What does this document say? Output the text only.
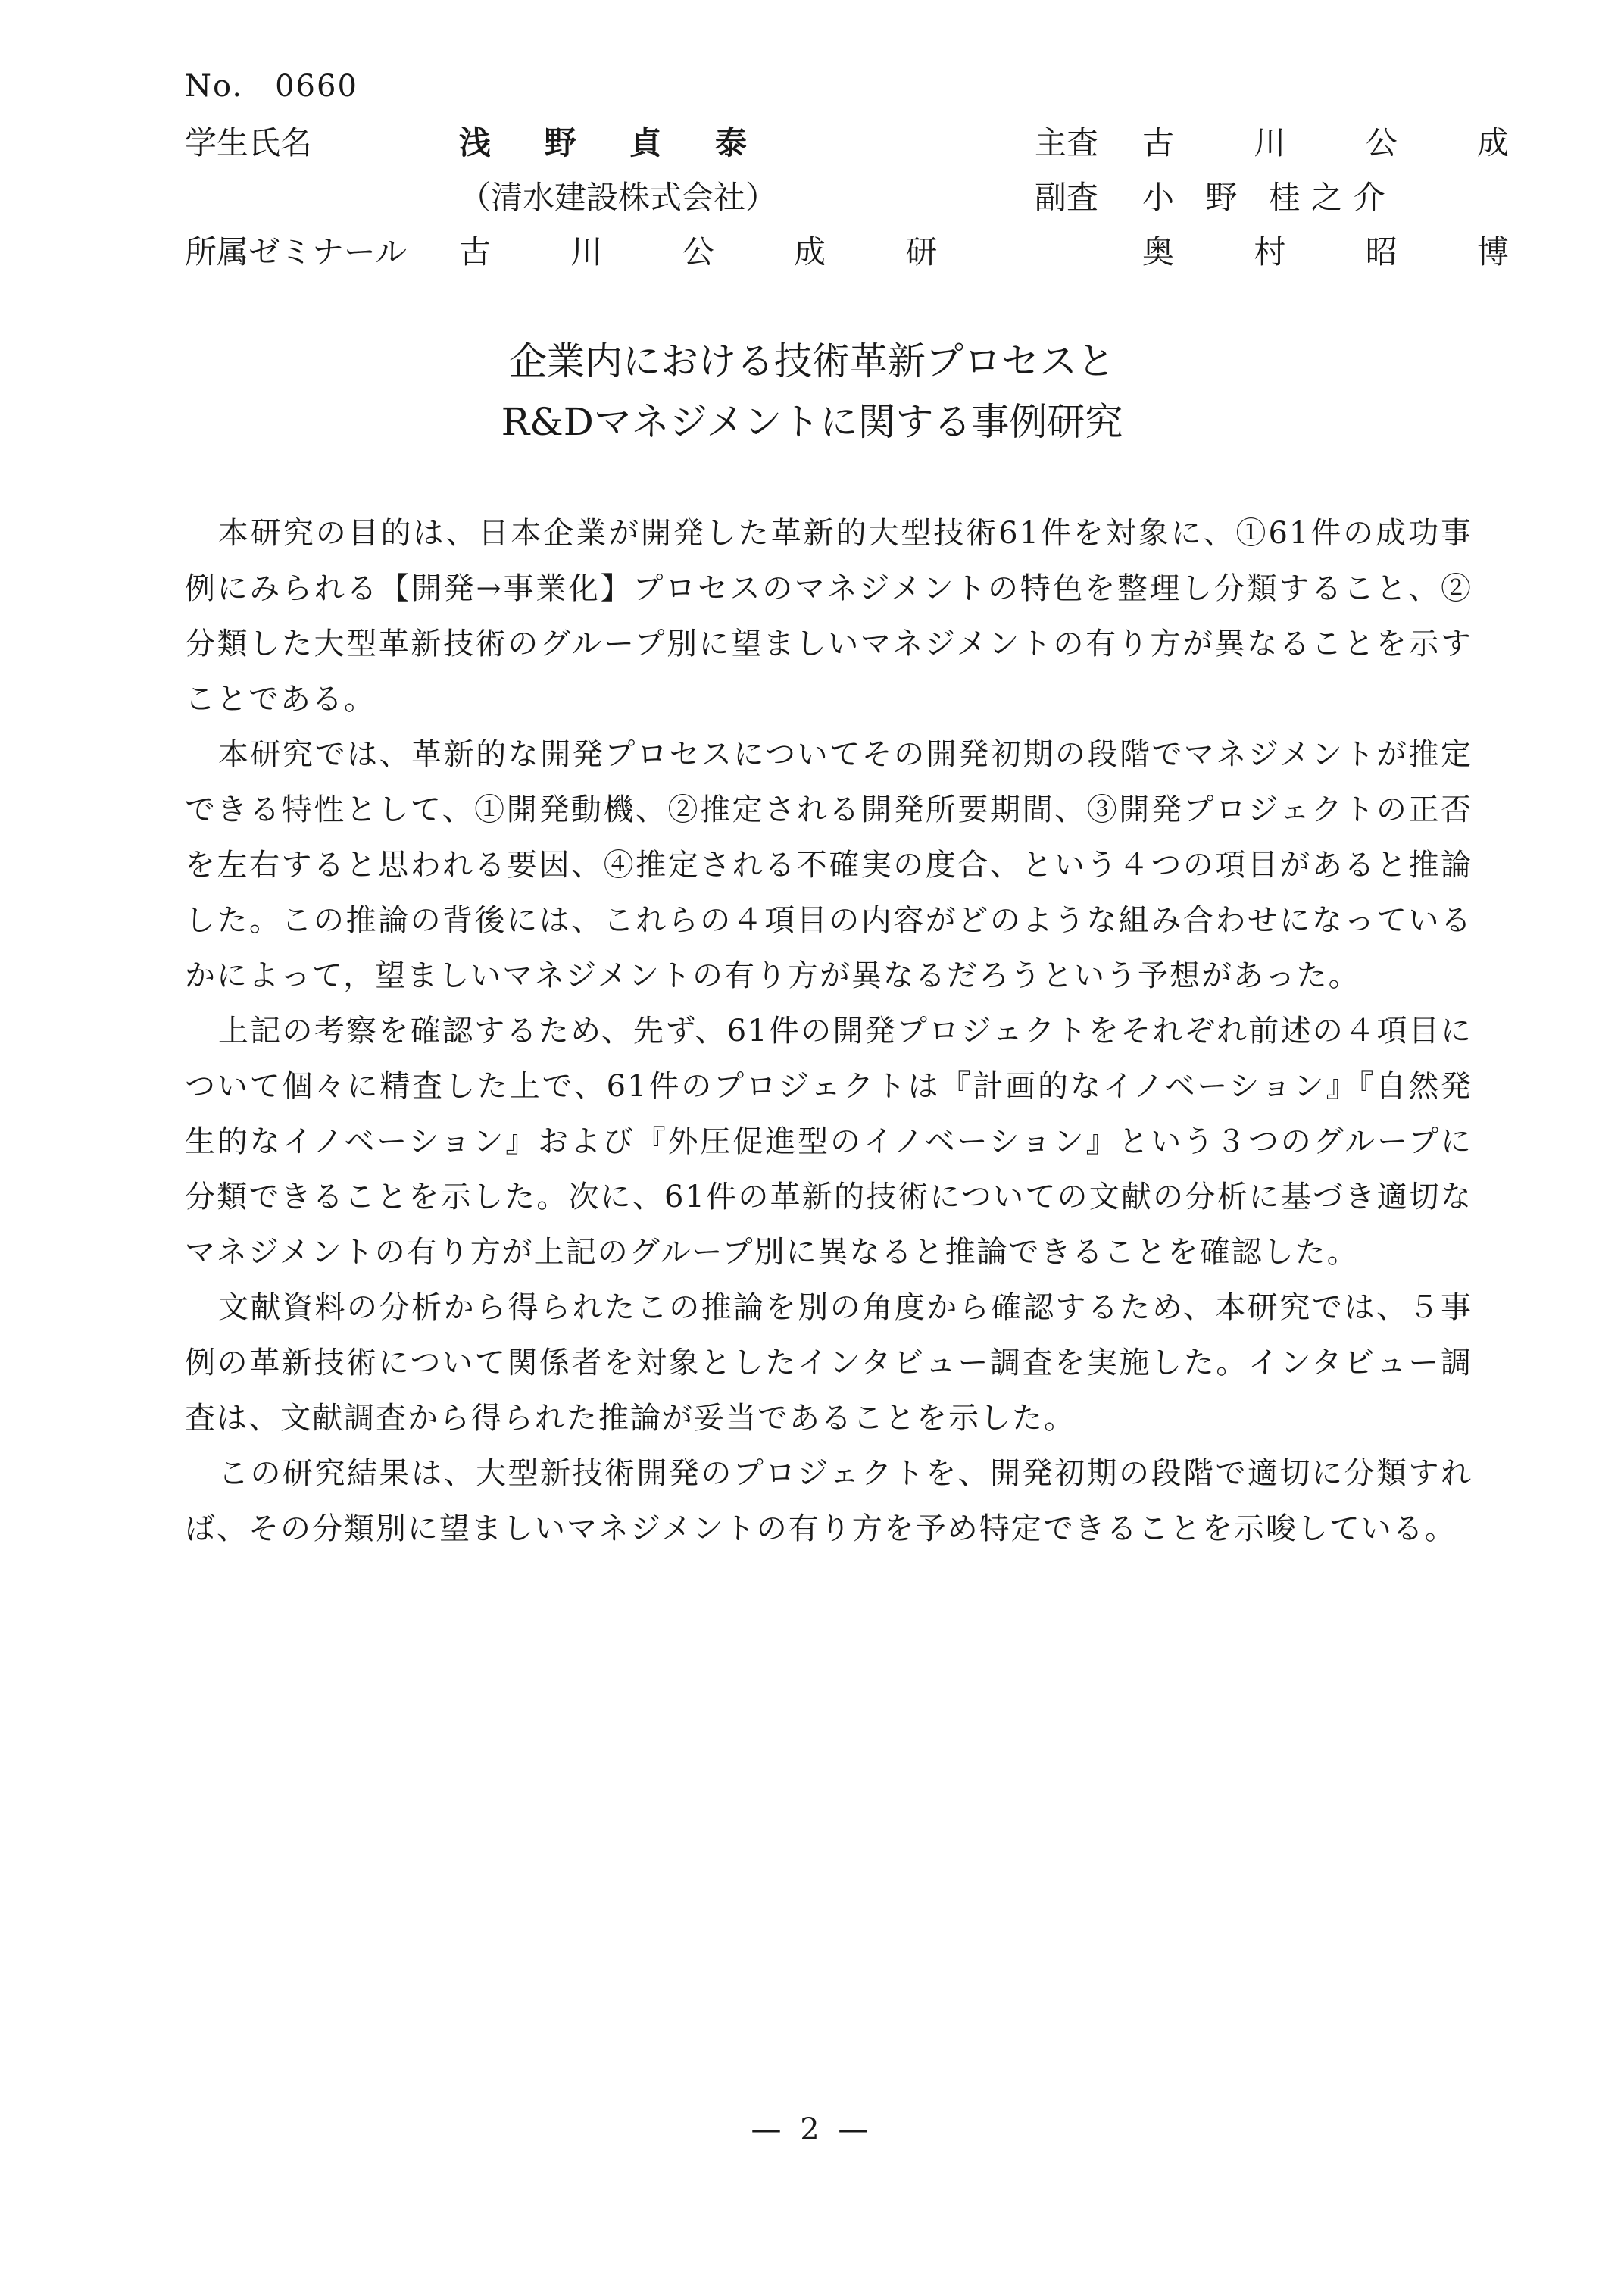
No.　0660
学生氏名	浅 野 貞 泰
（清水建設株式会社）
所属ゼミナール 古 川 公 成 研
主査 古 川 公 成
副査 小 野 桂之介
奥 村 昭 博
企業内における技術革新プロセスと
R&Dマネジメントに関する事例研究

本研究の目的は、日本企業が開発した革新的大型技術61件を対象に、①61件の成功事例にみられる【開発→事業化】プロセスのマネジメントの特色を整理し分類すること、②分類した大型革新技術のグループ別に望ましいマネジメントの有り方が異なることを示すことである。

本研究では、革新的な開発プロセスについてその開発初期の段階でマネジメントが推定できる特性として、①開発動機、②推定される開発所要期間、③開発プロジェクトの正否を左右すると思われる要因、④推定される不確実の度合、という４つの項目があると推論した。この推論の背後には、これらの４項目の内容がどのような組み合わせになっているかによって，望ましいマネジメントの有り方が異なるだろうという予想があった。

上記の考察を確認するため、先ず、61件の開発プロジェクトをそれぞれ前述の４項目について個々に精査した上で、61件のプロジェクトは『計画的なイノベーション』『自然発生的なイノベーション』および『外圧促進型のイノベーション』という３つのグループに分類できることを示した。次に、61件の革新的技術についての文献の分析に基づき適切なマネジメントの有り方が上記のグループ別に異なると推論できることを確認した。

文献資料の分析から得られたこの推論を別の角度から確認するため、本研究では、５事例の革新技術について関係者を対象としたインタビュー調査を実施した。インタビュー調査は、文献調査から得られた推論が妥当であることを示した。

この研究結果は、大型新技術開発のプロジェクトを、開発初期の段階で適切に分類すれば、その分類別に望ましいマネジメントの有り方を予め特定できることを示唆している。

— 2 —
